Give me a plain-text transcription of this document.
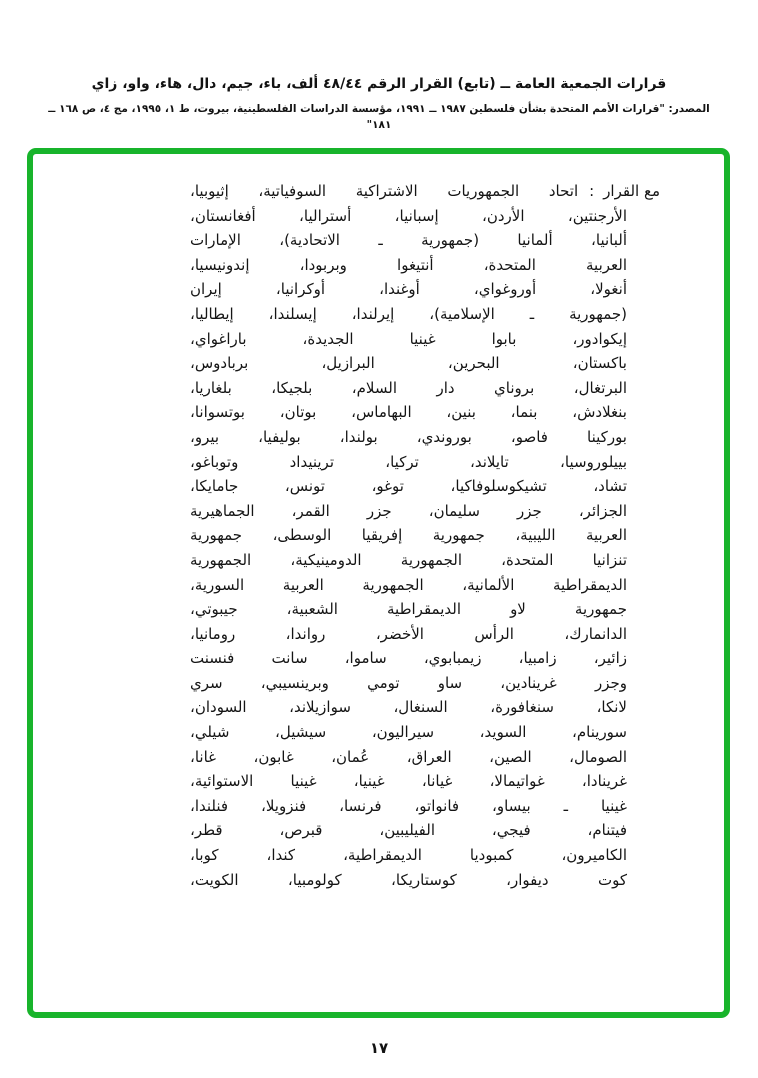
قرارات الجمعية العامة ــ (تابع) القرار الرقم ٤٨/٤٤ ألف، باء، جيم، دال، هاء، واو، زاي
المصدر: "قرارات الأمم المتحدة بشأن فلسطين ١٩٨٧ ــ ١٩٩١، مؤسسة الدراسات الفلسطينية، بيروت، ط ١، ١٩٩٥، مج ٤، ص ١٦٨ ــ ١٨١"
مع القرار
:
اتحاد الجمهوريات الاشتراكية السوفياتية، إثيوبيا،
الأرجنتين، الأردن، إسبانيا، أستراليا، أفغانستان،
ألبانيا، ألمانيا (جمهورية ـ الاتحادية)، الإمارات
العربية المتحدة، أنتيغوا وبربودا، إندونيسيا،
أنغولا، أوروغواي، أوغندا، أوكرانيا، إيران
(جمهورية ـ الإسلامية)، إيرلندا، إيسلندا، إيطاليا،
إيكوادور، بابوا غينيا الجديدة، باراغواي،
باكستان، البحرين، البرازيل، بربادوس،
البرتغال، بروناي دار السلام، بلجيكا، بلغاريا،
بنغلادش، بنما، بنين، البهاماس، بوتان، بوتسوانا،
بوركينا فاصو، بوروندي، بولندا، بوليفيا، بيرو،
بييلوروسيا، تايلاند، تركيا، ترينيداد وتوباغو،
تشاد، تشيكوسلوفاكيا، توغو، تونس، جامايكا،
الجزائر، جزر سليمان، جزر القمر، الجماهيرية
العربية الليبية، جمهورية إفريقيا الوسطى، جمهورية
تنزانيا المتحدة، الجمهورية الدومينيكية، الجمهورية
الديمقراطية الألمانية، الجمهورية العربية السورية،
جمهورية لاو الديمقراطية الشعبية، جيبوتي،
الدانمارك، الرأس الأخضر، رواندا، رومانيا،
زائير، زامبيا، زيمبابوي، ساموا، سانت فنسنت
وجزر غرينادين، ساو تومي وبرينسيبي، سري
لانكا، سنغافورة، السنغال، سوازيلاند، السودان،
سورينام، السويد، سيراليون، سيشيل، شيلي،
الصومال، الصين، العراق، عُمان، غابون، غانا،
غرينادا، غواتيمالا، غيانا، غينيا، غينيا الاستوائية،
غينيا ـ بيساو، فانواتو، فرنسا، فنزويلا، فنلندا،
فيتنام، فيجي، الفيليبين، قبرص، قطر،
الكاميرون، كمبوديا الديمقراطية، كندا، كوبا،
كوت ديفوار، كوستاريكا، كولومبيا، الكويت،
١٧
